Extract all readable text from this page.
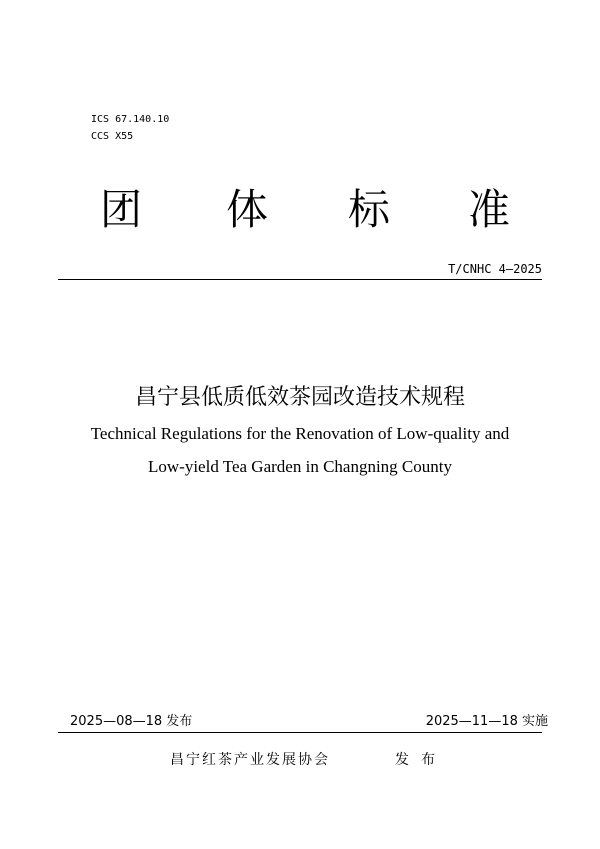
ICS 67.140.10
CCS X55
团 体 标 准
T/CNHC 4—2025
昌宁县低质低效茶园改造技术规程
Technical Regulations for the Renovation of Low-quality and
Low-yield Tea Garden in Changning County
2025—08—18 发布	2025—11—18 实施
昌宁红茶产业发展协会	发布
